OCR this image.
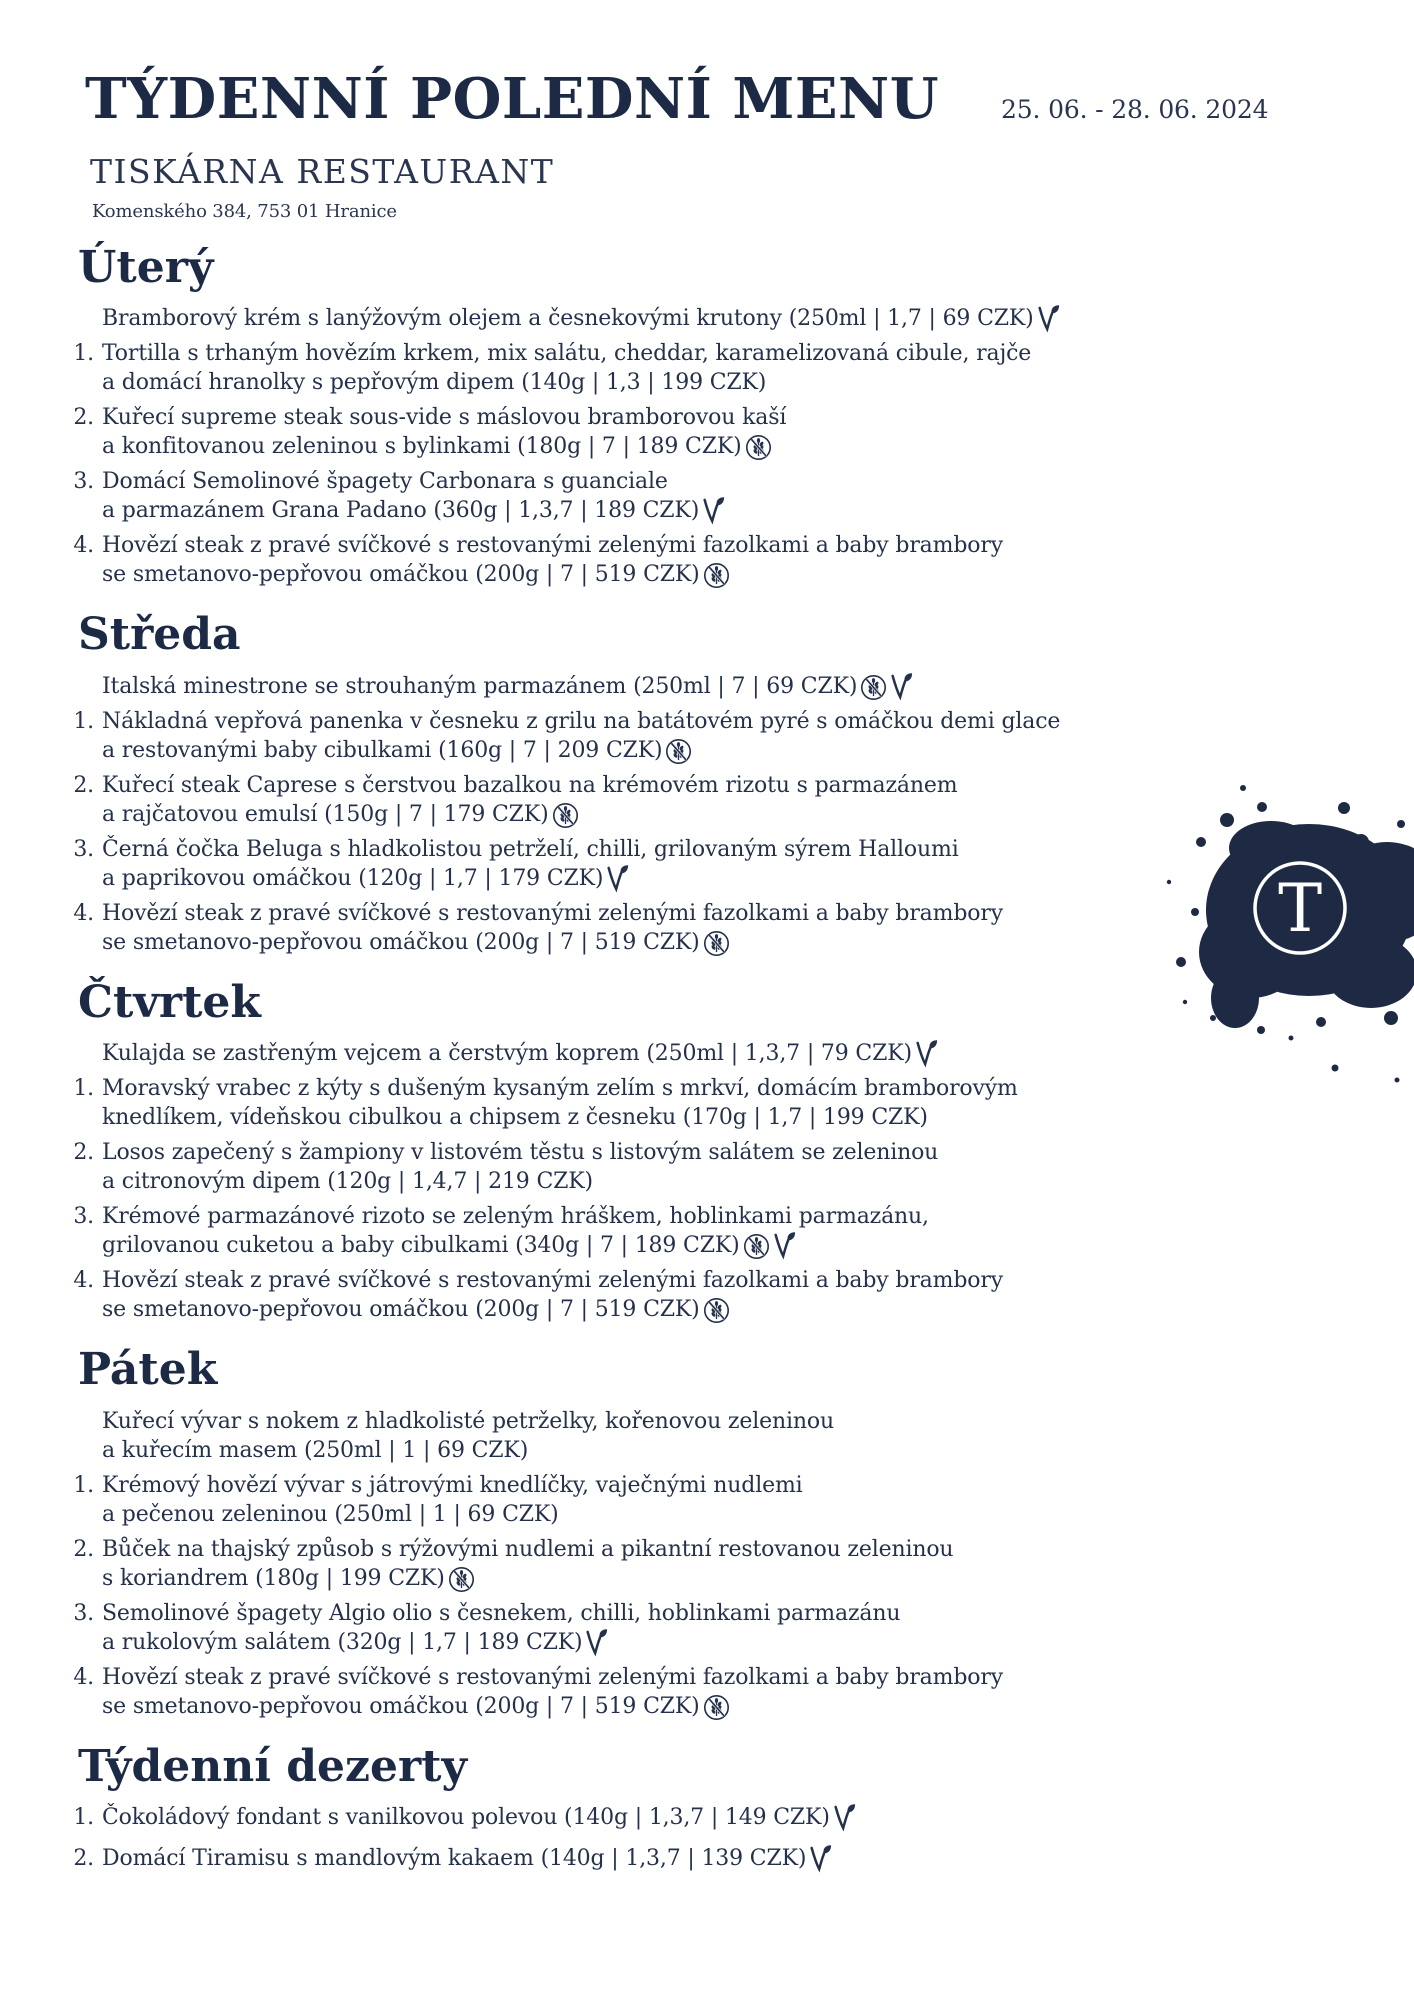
TÝDENNÍ POLEDNÍ MENU 25. 06. - 28. 06. 2024
TISKÁRNA RESTAURANT
Komenského 384, 753 01 Hranice
Úterý
Bramborový krém s lanýžovým olejem a česnekovými krutony (250ml | 1,7 | 69 CZK)
1. Tortilla s trhaným hovězím krkem, mix salátu, cheddar, karamelizovaná cibule, rajče
a domácí hranolky s pepřovým dipem (140g | 1,3 | 199 CZK)
2. Kuřecí supreme steak sous-vide s máslovou bramborovou kaší
a konfitovanou zeleninou s bylinkami (180g | 7 | 189 CZK)
3. Domácí Semolinové špagety Carbonara s guanciale
a parmazánem Grana Padano (360g | 1,3,7 | 189 CZK)
4. Hovězí steak z pravé svíčkové s restovanými zelenými fazolkami a baby brambory
se smetanovo-pepřovou omáčkou (200g | 7 | 519 CZK)
Středa
Italská minestrone se strouhaným parmazánem (250ml | 7 | 69 CZK)
1. Nákladná vepřová panenka v česneku z grilu na batátovém pyré s omáčkou demi glace
a restovanými baby cibulkami (160g | 7 | 209 CZK)
2. Kuřecí steak Caprese s čerstvou bazalkou na krémovém rizotu s parmazánem
a rajčatovou emulsí (150g | 7 | 179 CZK)
3. Černá čočka Beluga s hladkolistou petrželí, chilli, grilovaným sýrem Halloumi
a paprikovou omáčkou (120g | 1,7 | 179 CZK)
4. Hovězí steak z pravé svíčkové s restovanými zelenými fazolkami a baby brambory
se smetanovo-pepřovou omáčkou (200g | 7 | 519 CZK)
Čtvrtek
Kulajda se zastřeným vejcem a čerstvým koprem (250ml | 1,3,7 | 79 CZK)
1. Moravský vrabec z kýty s dušeným kysaným zelím s mrkví, domácím bramborovým
knedlíkem, vídeňskou cibulkou a chipsem z česneku (170g | 1,7 | 199 CZK)
2. Losos zapečený s žampiony v listovém těstu s listovým salátem se zeleninou
a citronovým dipem (120g | 1,4,7 | 219 CZK)
3. Krémové parmazánové rizoto se zeleným hráškem, hoblinkami parmazánu,
grilovanou cuketou a baby cibulkami (340g | 7 | 189 CZK)
4. Hovězí steak z pravé svíčkové s restovanými zelenými fazolkami a baby brambory
se smetanovo-pepřovou omáčkou (200g | 7 | 519 CZK)
Pátek
Kuřecí vývar s nokem z hladkolisté petrželky, kořenovou zeleninou
a kuřecím masem (250ml | 1 | 69 CZK)
1. Krémový hovězí vývar s játrovými knedlíčky, vaječnými nudlemi
a pečenou zeleninou (250ml | 1 | 69 CZK)
2. Bůček na thajský způsob s rýžovými nudlemi a pikantní restovanou zeleninou
s koriandrem (180g | 199 CZK)
3. Semolinové špagety Algio olio s česnekem, chilli, hoblinkami parmazánu
a rukolovým salátem (320g | 1,7 | 189 CZK)
4. Hovězí steak z pravé svíčkové s restovanými zelenými fazolkami a baby brambory
se smetanovo-pepřovou omáčkou (200g | 7 | 519 CZK)
Týdenní dezerty
1. Čokoládový fondant s vanilkovou polevou (140g | 1,3,7 | 149 CZK)
2. Domácí Tiramisu s mandlovým kakaem (140g | 1,3,7 | 139 CZK)
T
